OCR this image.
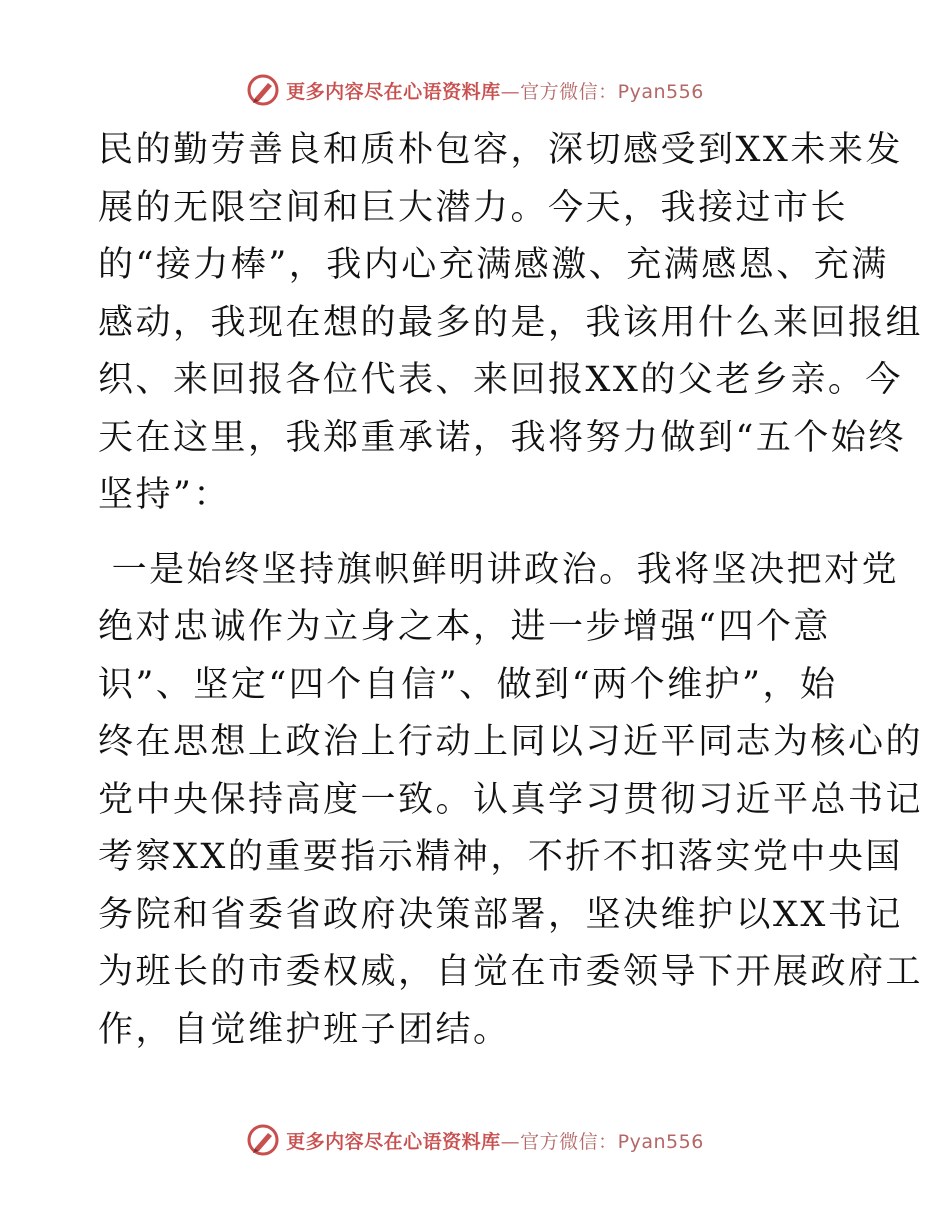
更多内容尽在心语资料库—官方微信：Pyan556

民的勤劳善良和质朴包容，深切感受到XX未来发
展的无限空间和巨大潜力。今天，我接过市长
的“接力棒”，我内心充满感激、充满感恩、充满
感动，我现在想的最多的是，我该用什么来回报组
织、来回报各位代表、来回报XX的父老乡亲。今
天在这里，我郑重承诺，我将努力做到“五个始终
坚持”：

一是始终坚持旗帜鲜明讲政治。我将坚决把对党
绝对忠诚作为立身之本，进一步增强“四个意
识”、坚定“四个自信”、做到“两个维护”，始
终在思想上政治上行动上同以习近平同志为核心的
党中央保持高度一致。认真学习贯彻习近平总书记
考察XX的重要指示精神，不折不扣落实党中央国
务院和省委省政府决策部署，坚决维护以XX书记
为班长的市委权威，自觉在市委领导下开展政府工
作，自觉维护班子团结。

更多内容尽在心语资料库—官方微信：Pyan556
